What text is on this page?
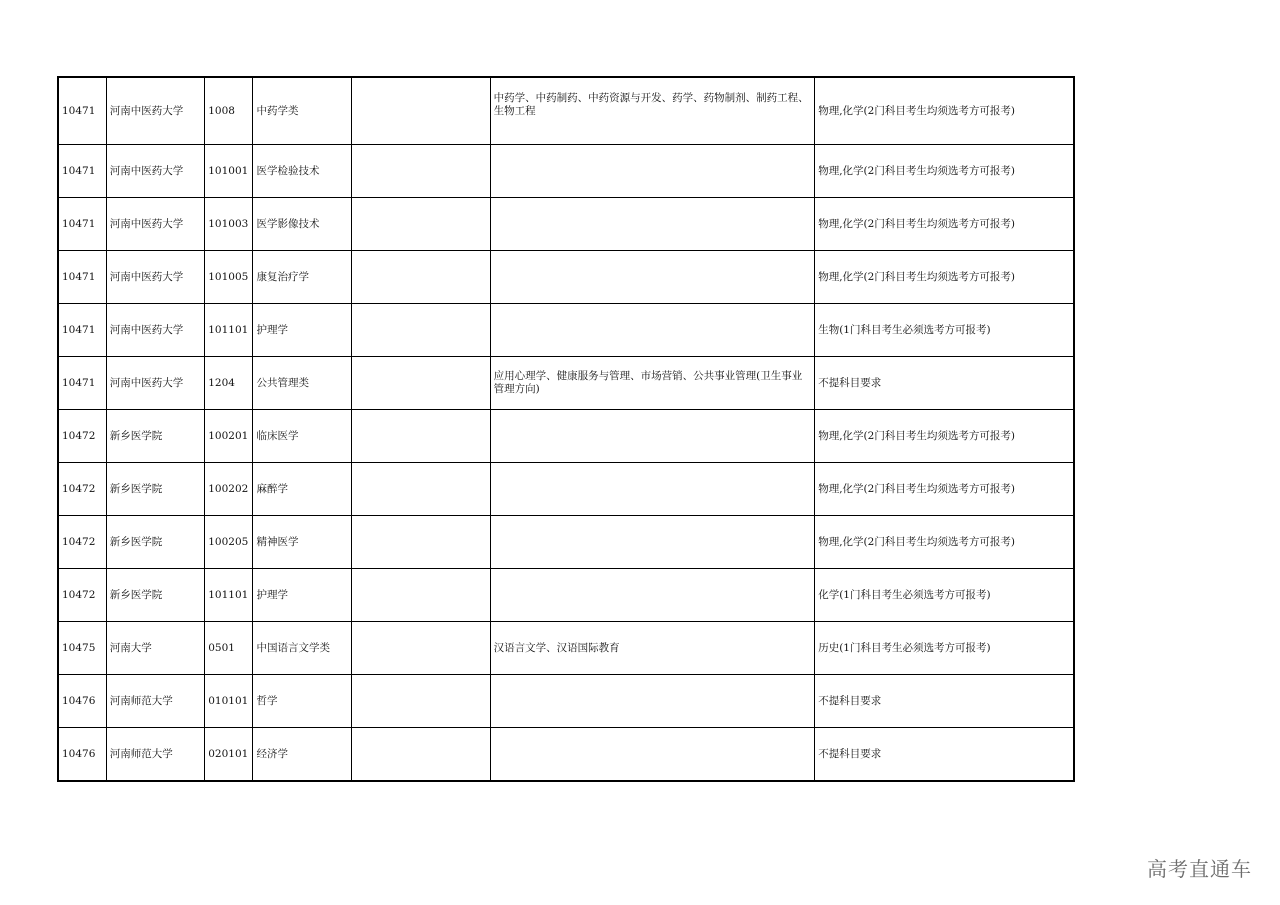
10471	河南中医药大学	1008	中药学类		中药学、中药制药、中药资源与开发、药学、药物制剂、制药工程、生物工程	物理,化学(2门科目考生均须选考方可报考)
10471	河南中医药大学	101001	医学检验技术			物理,化学(2门科目考生均须选考方可报考)
10471	河南中医药大学	101003	医学影像技术			物理,化学(2门科目考生均须选考方可报考)
10471	河南中医药大学	101005	康复治疗学			物理,化学(2门科目考生均须选考方可报考)
10471	河南中医药大学	101101	护理学			生物(1门科目考生必须选考方可报考)
10471	河南中医药大学	1204	公共管理类		应用心理学、健康服务与管理、市场营销、公共事业管理(卫生事业管理方向)	不提科目要求
10472	新乡医学院	100201	临床医学			物理,化学(2门科目考生均须选考方可报考)
10472	新乡医学院	100202	麻醉学			物理,化学(2门科目考生均须选考方可报考)
10472	新乡医学院	100205	精神医学			物理,化学(2门科目考生均须选考方可报考)
10472	新乡医学院	101101	护理学			化学(1门科目考生必须选考方可报考)
10475	河南大学	0501	中国语言文学类		汉语言文学、汉语国际教育	历史(1门科目考生必须选考方可报考)
10476	河南师范大学	010101	哲学			不提科目要求
10476	河南师范大学	020101	经济学			不提科目要求
高考直通车
